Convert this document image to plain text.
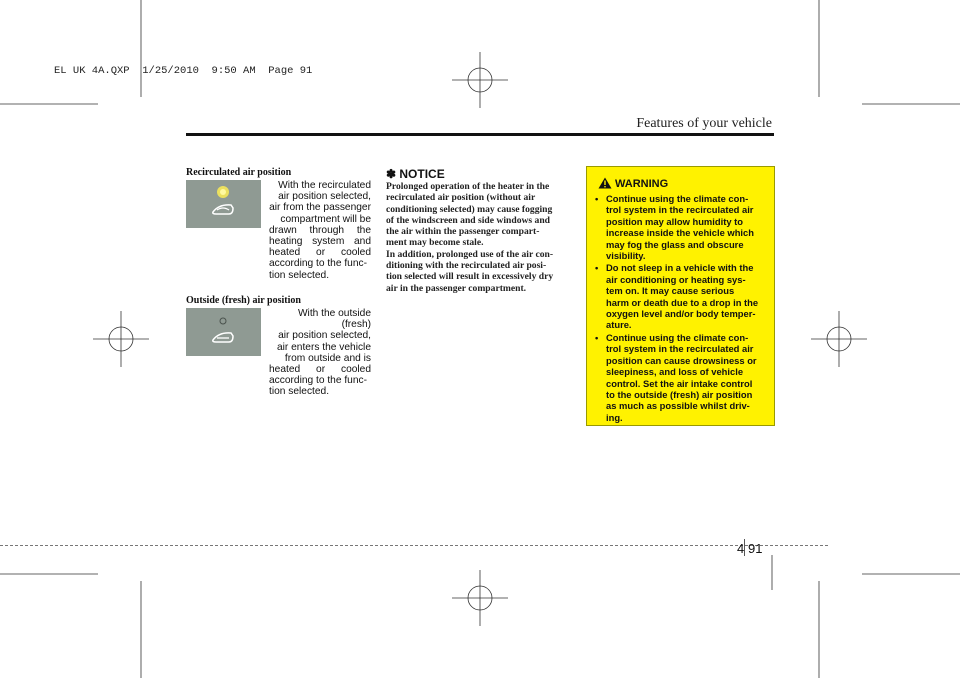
EL UK 4A.QXP  1/25/2010  9:50 AM  Page 91
Features of your vehicle
Recirculated air position
With the recirculated
air position selected,
air from the passenger
compartment will be
drawn through the
heating system and
heated or cooled
according to the func-
tion selected.
Outside (fresh) air position
With the outside (fresh)
air position selected,
air enters the vehicle
from outside and is
heated or cooled
according to the func-
tion selected.
✽ NOTICE

Prolonged operation of the heater in the

recirculated air position (without air

conditioning selected) may cause fogging

of the windscreen and side windows and

the air within the passenger compart-

ment may become stale.

In addition, prolonged use of the air con-

ditioning with the recirculated air posi-

tion selected will result in excessively dry

air in the passenger compartment.

WARNING
• Continue using the climate con-
trol system in the recirculated air
position may allow humidity to
increase inside the vehicle which
may fog the glass and obscure
visibility.
• Do not sleep in a vehicle with the
air conditioning or heating sys-
tem on. It may cause serious
harm or death due to a drop in the
oxygen level and/or body temper-
ature.
• Continue using the climate con-
trol system in the recirculated air
position can cause drowsiness or
sleepiness, and loss of vehicle
control. Set the air intake control
to the outside (fresh) air position
as much as possible whilst driv-
ing.
4 91
